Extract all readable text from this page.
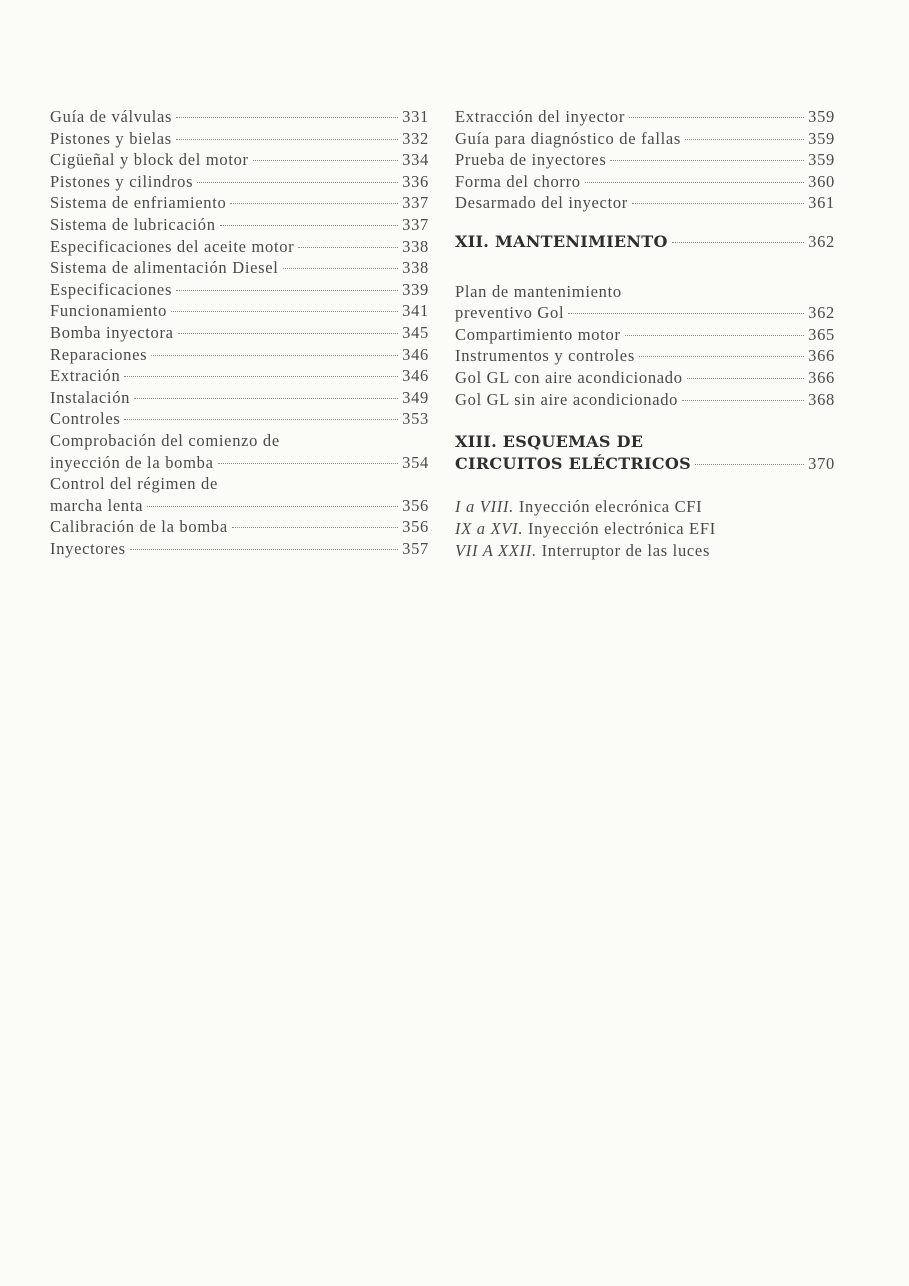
Guía de válvulas	331
Pistones y bielas	332
Cigüeñal y block del motor	334
Pistones y cilindros	336
Sistema de enfriamiento	337
Sistema de lubricación	337
Especificaciones del aceite motor	338
Sistema de alimentación Diesel	338
Especificaciones	339
Funcionamiento	341
Bomba inyectora	345
Reparaciones	346
Extración	346
Instalación	349
Controles	353
Comprobación del comienzo de
inyección de la bomba	354
Control del régimen de
marcha lenta	356
Calibración de la bomba	356
Inyectores	357
Extracción del inyector	359
Guía para diagnóstico de fallas	359
Prueba de inyectores	359
Forma del chorro	360
Desarmado del inyector	361
XII. MANTENIMIENTO	362
Plan de mantenimiento
preventivo Gol	362
Compartimiento motor	365
Instrumentos y controles	366
Gol GL con aire acondicionado	366
Gol GL sin aire acondicionado	368
XIII. ESQUEMAS DE
CIRCUITOS ELÉCTRICOS	370
I a VIII. Inyección elecrónica CFI
IX a XVI. Inyección electrónica EFI
VII A XXII. Interruptor de las luces
